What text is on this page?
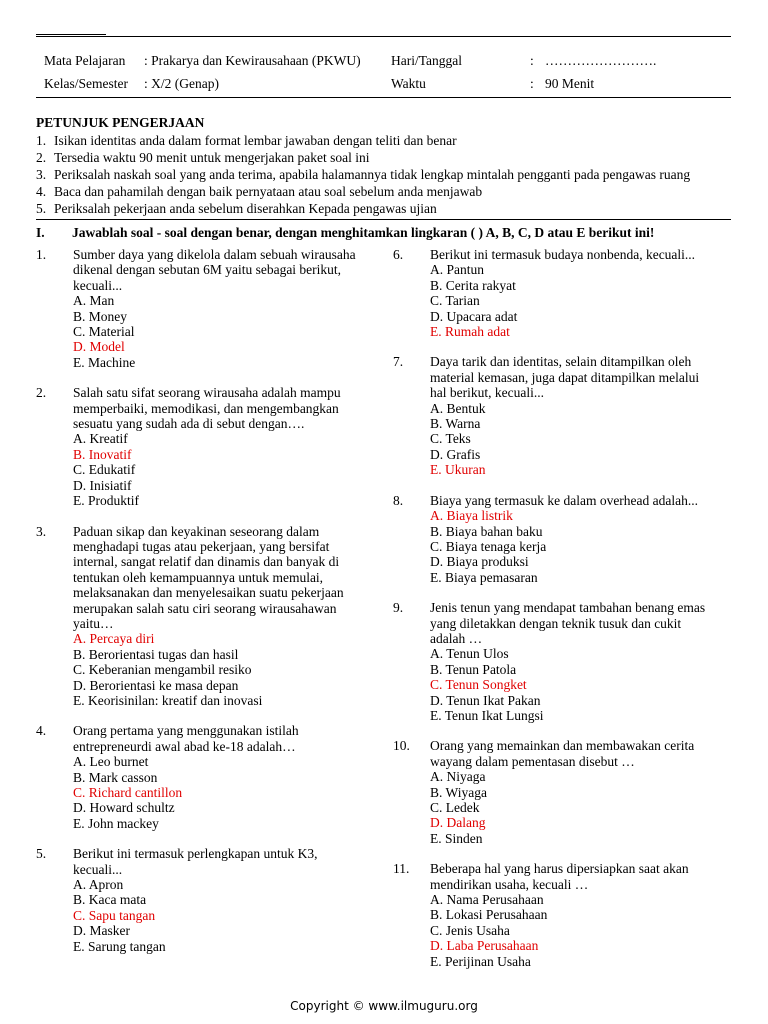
Mata Pelajaran : Prakarya dan Kewirausahaan (PKWU) Hari/Tanggal	: …………………….
Kelas/Semester : X/2 (Genap)	Waktu	: 90 Menit
PETUNJUK PENGERJAAN
1. Isikan identitas anda dalam format lembar jawaban dengan teliti dan benar
2. Tersedia waktu 90 menit untuk mengerjakan paket soal ini
3. Periksalah naskah soal yang anda terima, apabila halamannya tidak lengkap mintalah pengganti pada pengawas ruang
4. Baca dan pahamilah dengan baik pernyataan atau soal sebelum anda menjawab
5. Periksalah pekerjaan anda sebelum diserahkan Kepada pengawas ujian
I. Jawablah soal - soal dengan benar, dengan menghitamkan lingkaran ( ) A, B, C, D atau E berikut ini!
1. Sumber daya yang dikelola dalam sebuah wirausaha
dikenal dengan sebutan 6M yaitu sebagai berikut,
kecuali...
A. Man
B. Money
C. Material
D. Model
E. Machine
2. Salah satu sifat seorang wirausaha adalah mampu
memperbaiki, memodikasi, dan mengembangkan
sesuatu yang sudah ada di sebut dengan….
A. Kreatif
B. Inovatif
C. Edukatif
D. Inisiatif
E. Produktif
3. Paduan sikap dan keyakinan seseorang dalam
menghadapi tugas atau pekerjaan, yang bersifat
internal, sangat relatif dan dinamis dan banyak di
tentukan oleh kemampuannya untuk memulai,
melaksanakan dan menyelesaikan suatu pekerjaan
merupakan salah satu ciri seorang wirausahawan
yaitu…
A. Percaya diri
B. Berorientasi tugas dan hasil
C. Keberanian mengambil resiko
D. Berorientasi ke masa depan
E. Keorisinilan: kreatif dan inovasi
4. Orang pertama yang menggunakan istilah
entrepreneurdi awal abad ke-18 adalah…
A. Leo burnet
B. Mark casson
C. Richard cantillon
D. Howard schultz
E. John mackey
5. Berikut ini termasuk perlengkapan untuk K3,
kecuali...
A. Apron
B. Kaca mata
C. Sapu tangan
D. Masker
E. Sarung tangan
6. Berikut ini termasuk budaya nonbenda, kecuali...
A. Pantun
B. Cerita rakyat
C. Tarian
D. Upacara adat
E. Rumah adat
7. Daya tarik dan identitas, selain ditampilkan oleh
material kemasan, juga dapat ditampilkan melalui
hal berikut, kecuali...
A. Bentuk
B. Warna
C. Teks
D. Grafis
E. Ukuran
8. Biaya yang termasuk ke dalam overhead adalah...
A. Biaya listrik
B. Biaya bahan baku
C. Biaya tenaga kerja
D. Biaya produksi
E. Biaya pemasaran
9. Jenis tenun yang mendapat tambahan benang emas
yang diletakkan dengan teknik tusuk dan cukit
adalah …
A. Tenun Ulos
B. Tenun Patola
C. Tenun Songket
D. Tenun Ikat Pakan
E. Tenun Ikat Lungsi
10. Orang yang memainkan dan membawakan cerita
wayang dalam pementasan disebut …
A. Niyaga
B. Wiyaga
C. Ledek
D. Dalang
E. Sinden
11. Beberapa hal yang harus dipersiapkan saat akan
mendirikan usaha, kecuali …
A. Nama Perusahaan
B. Lokasi Perusahaan
C. Jenis Usaha
D. Laba Perusahaan
E. Perijinan Usaha
Copyright © www.ilmuguru.org
